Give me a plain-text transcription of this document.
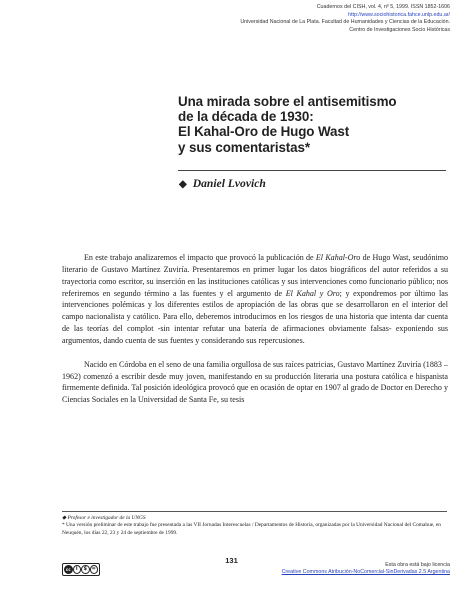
Cuadernos del CISH, vol. 4, nº 5, 1999. ISSN 1852-1606
http://www.sociohistorica.fahce.unlp.edu.ar/
Universidad Nacional de La Plata. Facultad de Humanidades y Ciencias de la Educación.
Centro de Investigaciones Socio Históricas
Una mirada sobre el antisemitismo
de la década de 1930:
El Kahal-Oro de Hugo Wast
y sus comentaristas*
◆ Daniel Lvovich

En este trabajo analizaremos el impacto que provocó la publicación de El Kahal-Oro de Hugo Wast, seudónimo literario de Gustavo Martínez Zuviría. Presentaremos en primer lugar los datos biográficos del autor referidos a su trayectoria como escritor, su inserción en las instituciones católicas y sus intervenciones como funcionario público; nos referiremos en segundo término a las fuentes y el argumento de El Kahal y Oro; y expondremos por último las intervenciones polémicas y los diferentes estilos de apropiación de las obras que se desarrollaron en el interior del campo nacionalista y católico. Para ello, deberemos introducirnos en los riesgos de una historia que intenta dar cuenta de las teorías del complot -sin intentar refutar una batería de afirmaciones obviamente falsas- exponiendo sus argumentos, dando cuenta de sus fuentes y considerando sus repercusiones.

Nacido en Córdoba en el seno de una familia orgullosa de sus raíces patricias, Gustavo Martínez Zuviría (1883 – 1962) comenzó a escribir desde muy joven, manifestando en su producción literaria una postura católica e hispanista firmemente definida. Tal posición ideológica provocó que en ocasión de optar en 1907 al grado de Doctor en Derecho y Ciencias Sociales en la Universidad de Santa Fe, su tesis

◆ Profesor e investigador de la UNGS
* Una versión preliminar de este trabajo fue presentada a las VII Jornadas Interescuelas / Departamentos de Historia, organizadas por la Universidad Nacional del Comahue, en Neuquén, los días 22, 23 y 24 de septiembre de 1999.
131
cc	i	$ =
Esta obra está bajo licencia
Creative Commons Atribución-NoComercial-SinDerivadas 2.5 Argentina
